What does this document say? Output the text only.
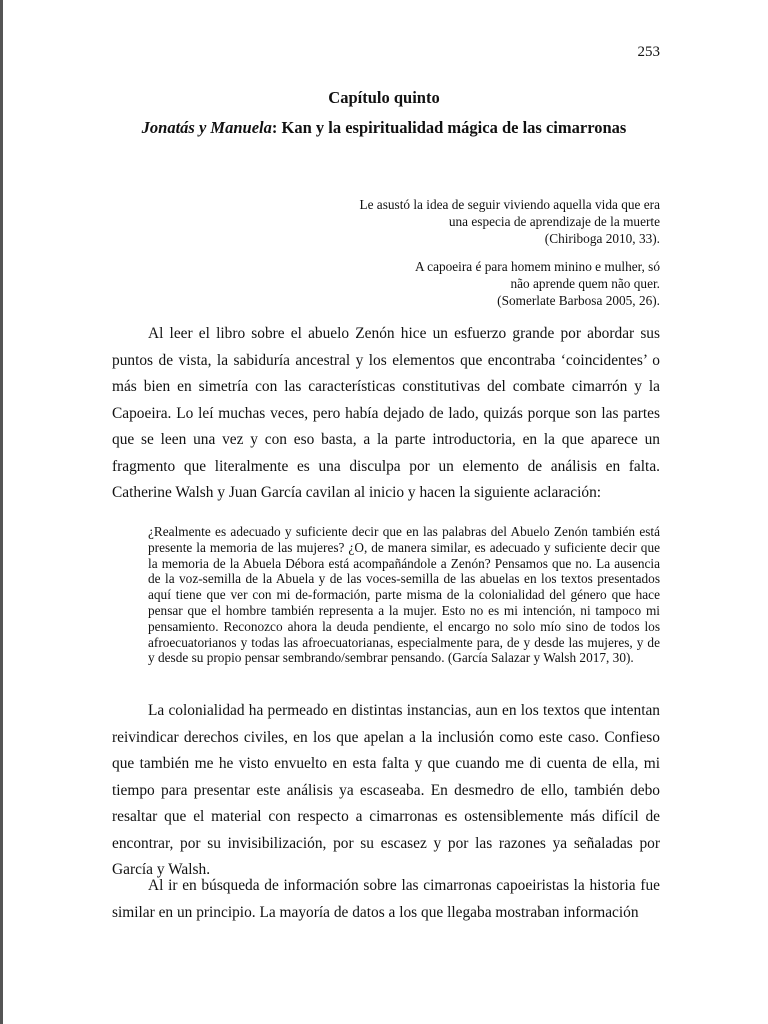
253
Capítulo quinto
Jonatás y Manuela: Kan y la espiritualidad mágica de las cimarronas
Le asustó la idea de seguir viviendo aquella vida que era
una especia de aprendizaje de la muerte
(Chiriboga 2010, 33).
A capoeira é para homem minino e mulher, só
não aprende quem não quer.
(Somerlate Barbosa 2005, 26).

Al leer el libro sobre el abuelo Zenón hice un esfuerzo grande por abordar sus puntos de vista, la sabiduría ancestral y los elementos que encontraba ‘coincidentes’ o más bien en simetría con las características constitutivas del combate cimarrón y la Capoeira. Lo leí muchas veces, pero había dejado de lado, quizás porque son las partes que se leen una vez y con eso basta, a la parte introductoria, en la que aparece un fragmento que literalmente es una disculpa por un elemento de análisis en falta. Catherine Walsh y Juan García cavilan al inicio y hacen la siguiente aclaración:

¿Realmente es adecuado y suficiente decir que en las palabras del Abuelo Zenón también está presente la memoria de las mujeres? ¿O, de manera similar, es adecuado y suficiente decir que la memoria de la Abuela Débora está acompañándole a Zenón? Pensamos que no. La ausencia de la voz-semilla de la Abuela y de las voces-semilla de las abuelas en los textos presentados aquí tiene que ver con mi de-formación, parte misma de la colonialidad del género que hace pensar que el hombre también representa a la mujer. Esto no es mi intención, ni tampoco mi pensamiento. Reconozco ahora la deuda pendiente, el encargo no solo mío sino de todos los afroecuatorianos y todas las afroecuatorianas, especialmente para, de y desde las mujeres, y de y desde su propio pensar sembrando/sembrar pensando. (García Salazar y Walsh 2017, 30).

La colonialidad ha permeado en distintas instancias, aun en los textos que intentan reivindicar derechos civiles, en los que apelan a la inclusión como este caso. Confieso que también me he visto envuelto en esta falta y que cuando me di cuenta de ella, mi tiempo para presentar este análisis ya escaseaba. En desmedro de ello, también debo resaltar que el material con respecto a cimarronas es ostensiblemente más difícil de encontrar, por su invisibilización, por su escasez y por las razones ya señaladas por García y Walsh.

Al ir en búsqueda de información sobre las cimarronas capoeiristas la historia fue similar en un principio. La mayoría de datos a los que llegaba mostraban información
